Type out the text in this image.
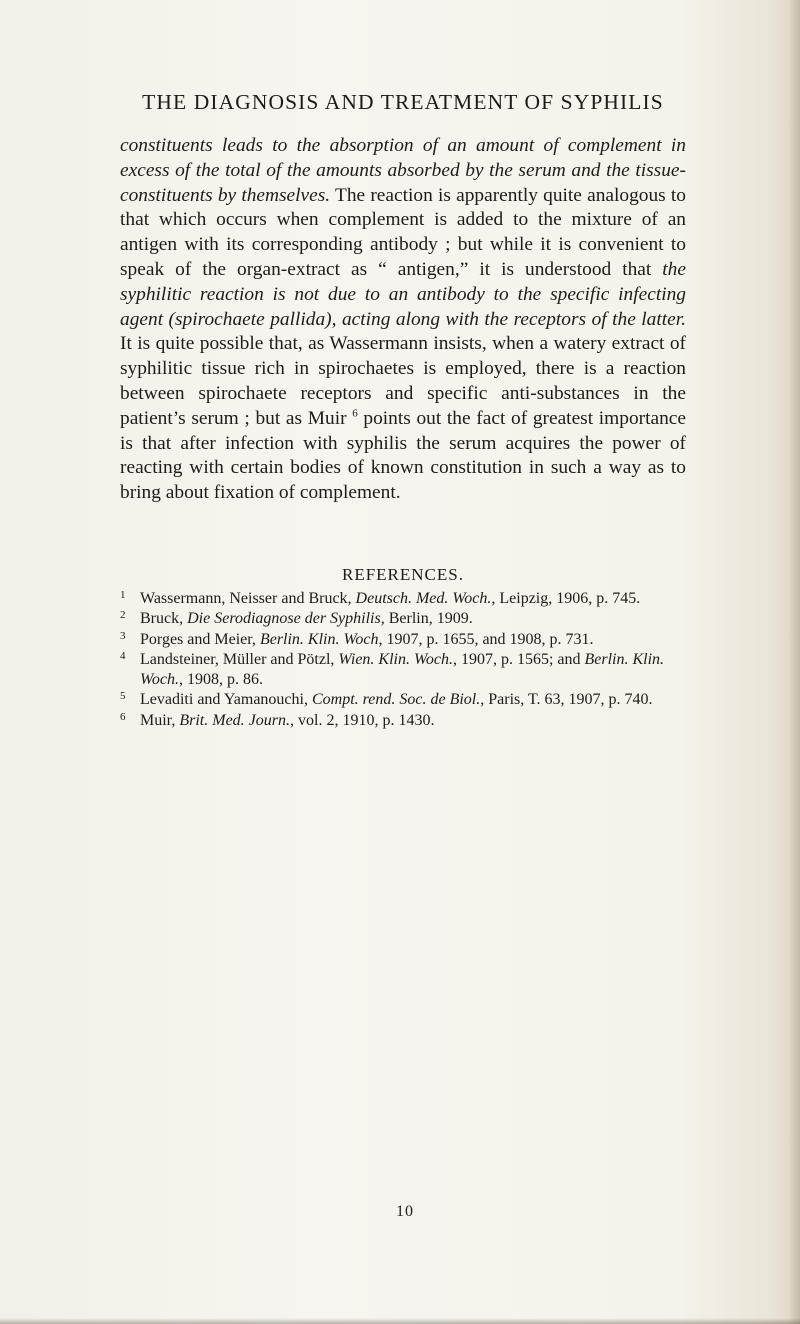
THE DIAGNOSIS AND TREATMENT OF SYPHILIS
constituents leads to the absorption of an amount of complement in excess of the total of the amounts absorbed by the serum and the tissue-constituents by themselves. The reaction is apparently quite analogous to that which occurs when complement is added to the mixture of an antigen with its corresponding antibody ; but while it is convenient to speak of the organ-extract as “ antigen,” it is understood that the syphilitic reaction is not due to an antibody to the specific infecting agent (spirochaete pallida), acting along with the receptors of the latter. It is quite possible that, as Wassermann insists, when a watery extract of syphilitic tissue rich in spirochaetes is employed, there is a reaction between spirochaete receptors and specific anti-substances in the patient’s serum ; but as Muir $^6$ points out the fact of greatest importance is that after infection with syphilis the serum acquires the power of reacting with certain bodies of known constitution in such a way as to bring about fixation of complement.
REFERENCES.
1 Wassermann, Neisser and Bruck, Deutsch. Med. Woch., Leipzig, 1906, p. 745.
2 Bruck, Die Serodiagnose der Syphilis, Berlin, 1909.
3 Porges and Meier, Berlin. Klin. Woch, 1907, p. 1655, and 1908, p. 731.
4 Landsteiner, Müller and Pötzl, Wien. Klin. Woch., 1907, p. 1565; and Berlin. Klin. Woch., 1908, p. 86.
5 Levaditi and Yamanouchi, Compt. rend. Soc. de Biol., Paris, T. 63, 1907, p. 740.
6 Muir, Brit. Med. Journ., vol. 2, 1910, p. 1430.
10
